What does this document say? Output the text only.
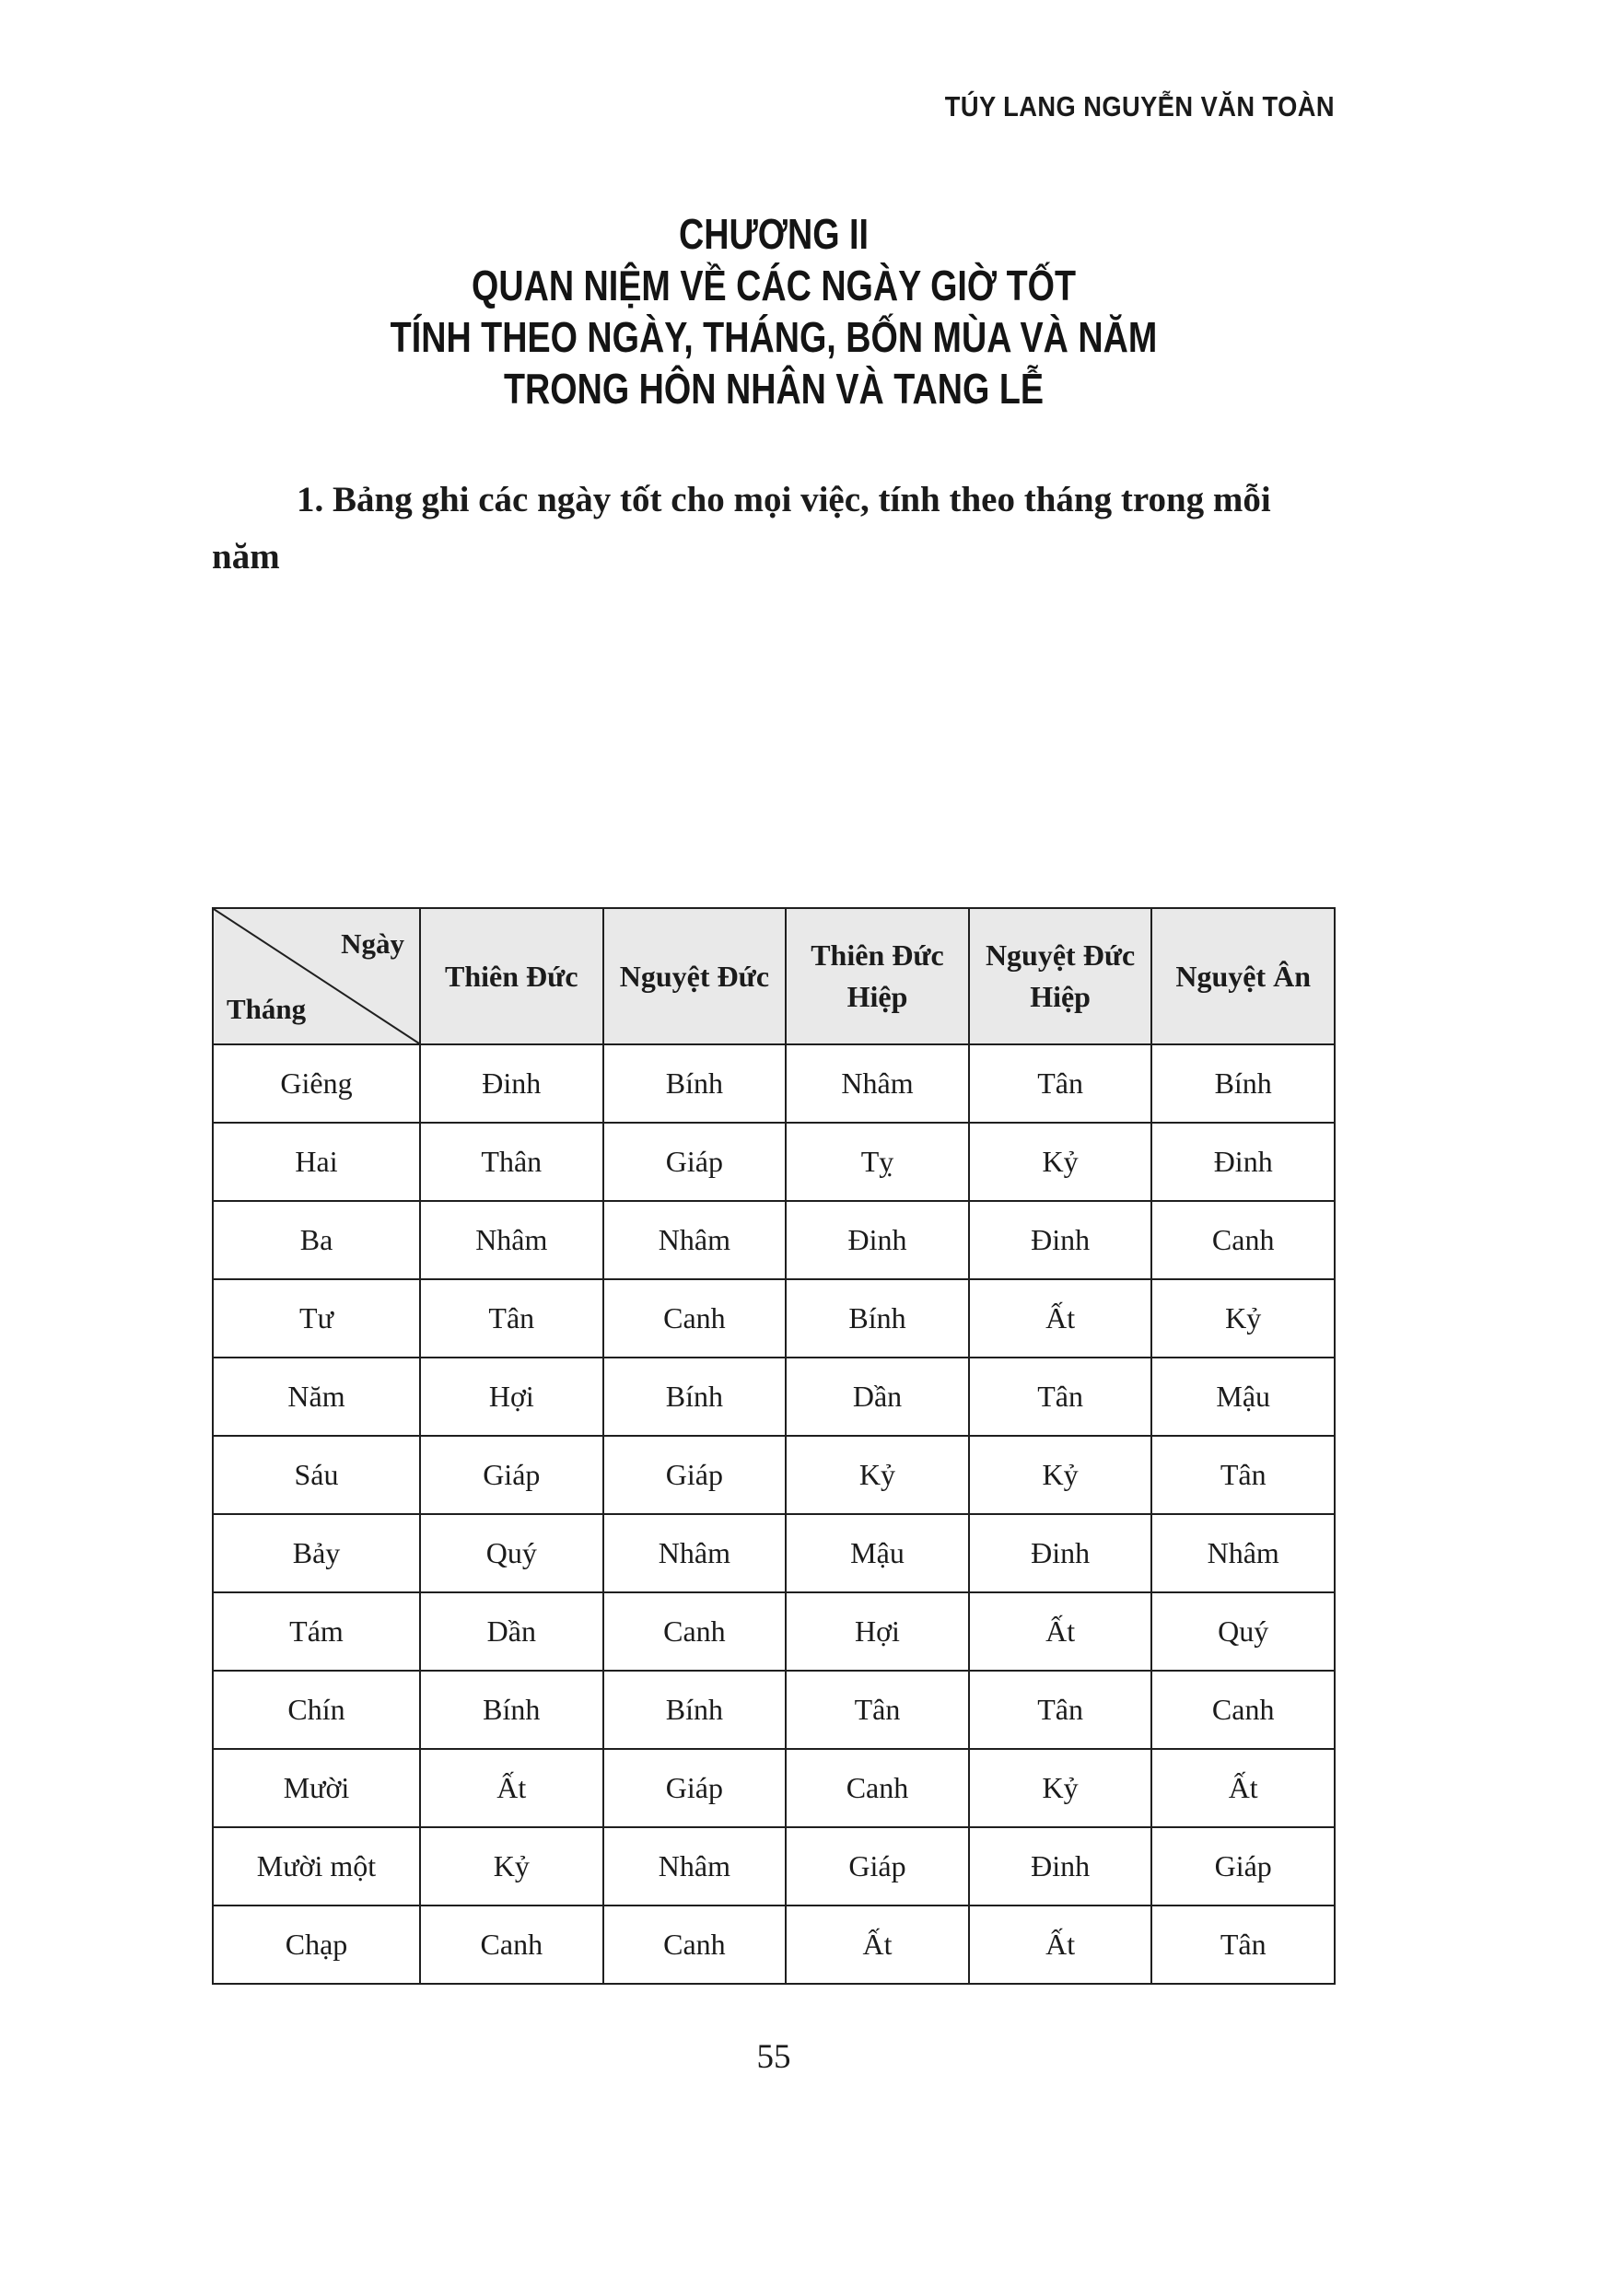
TÚY LANG NGUYỄN VĂN TOÀN
CHƯƠNG II
QUAN NIỆM VỀ CÁC NGÀY GIỜ TỐT
TÍNH THEO NGÀY, THÁNG, BỐN MÙA VÀ NĂM
TRONG HÔN NHÂN VÀ TANG LỄ
1. Bảng ghi các ngày tốt cho mọi việc, tính theo tháng trong mỗi năm
Ngày
Tháng	Thiên Đức	Nguyệt Đức	Thiên Đức Hiệp	Nguyệt Đức Hiệp	Nguyệt Ân
Giêng	Đinh	Bính	Nhâm	Tân	Bính
Hai	Thân	Giáp	Tỵ	Kỷ	Đinh
Ba	Nhâm	Nhâm	Đinh	Đinh	Canh
Tư	Tân	Canh	Bính	Ất	Kỷ
Năm	Hợi	Bính	Dần	Tân	Mậu
Sáu	Giáp	Giáp	Kỷ	Kỷ	Tân
Bảy	Quý	Nhâm	Mậu	Đinh	Nhâm
Tám	Dần	Canh	Hợi	Ất	Quý
Chín	Bính	Bính	Tân	Tân	Canh
Mười	Ất	Giáp	Canh	Kỷ	Ất
Mười một	Kỷ	Nhâm	Giáp	Đinh	Giáp
Chạp	Canh	Canh	Ất	Ất	Tân
55
